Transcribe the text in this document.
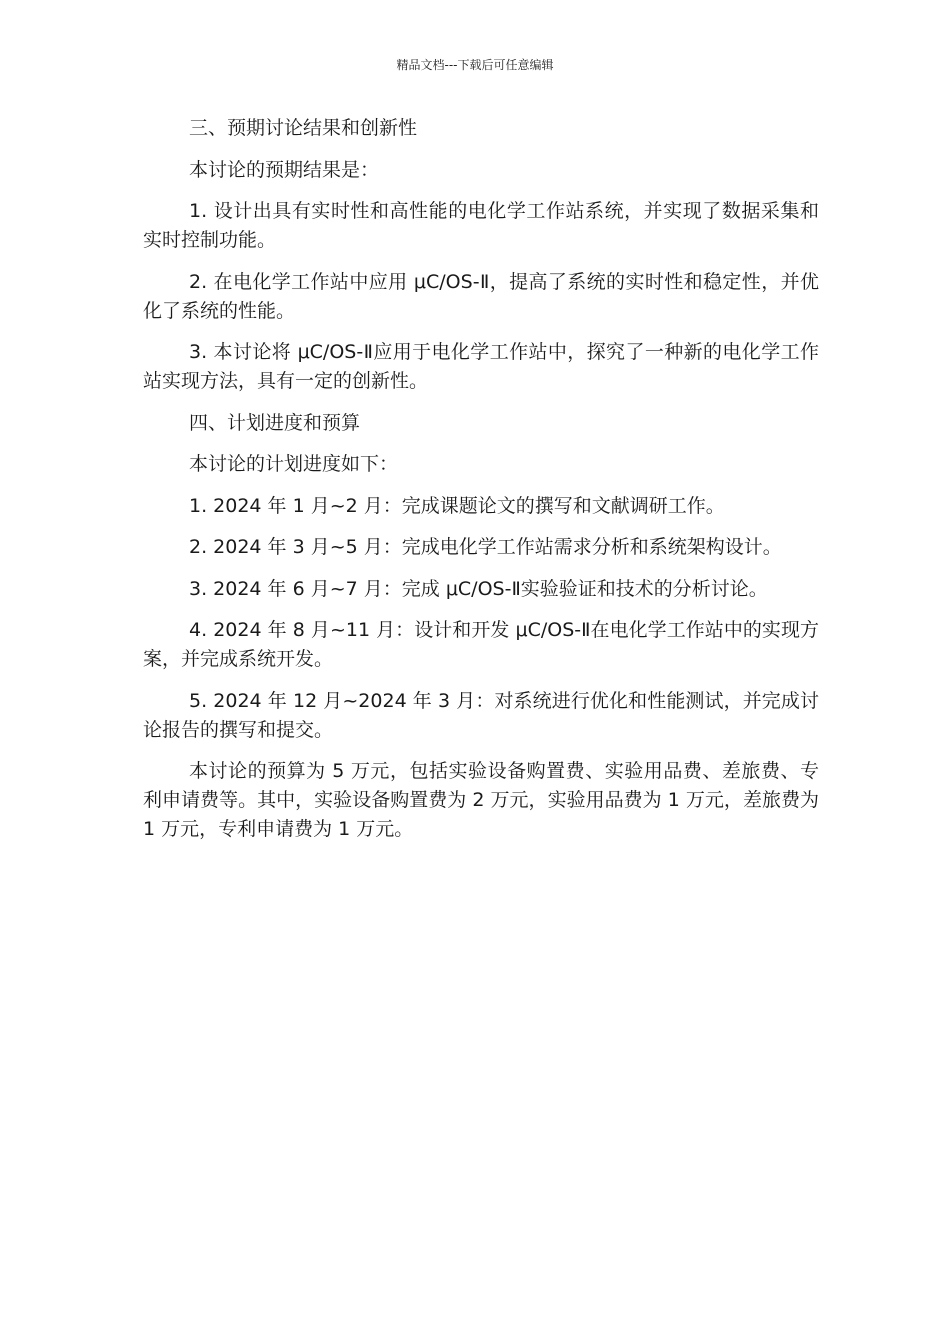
精品文档---下载后可任意编辑

三、预期讨论结果和创新性

本讨论的预期结果是：

1. 设计出具有实时性和高性能的电化学工作站系统，并实现了数据采集和实时控制功能。

2. 在电化学工作站中应用 μC/OS-Ⅱ，提高了系统的实时性和稳定性，并优化了系统的性能。

3. 本讨论将 μC/OS-Ⅱ应用于电化学工作站中，探究了一种新的电化学工作站实现方法，具有一定的创新性。

四、计划进度和预算

本讨论的计划进度如下：

1. 2024 年 1 月~2 月：完成课题论文的撰写和文献调研工作。

2. 2024 年 3 月~5 月：完成电化学工作站需求分析和系统架构设计。

3. 2024 年 6 月~7 月：完成 μC/OS-Ⅱ实验验证和技术的分析讨论。

4. 2024 年 8 月~11 月：设计和开发 μC/OS-Ⅱ在电化学工作站中的实现方案，并完成系统开发。

5. 2024 年 12 月~2024 年 3 月：对系统进行优化和性能测试，并完成讨论报告的撰写和提交。

本讨论的预算为 5 万元，包括实验设备购置费、实验用品费、差旅费、专利申请费等。其中，实验设备购置费为 2 万元，实验用品费为 1 万元，差旅费为 1 万元，专利申请费为 1 万元。
